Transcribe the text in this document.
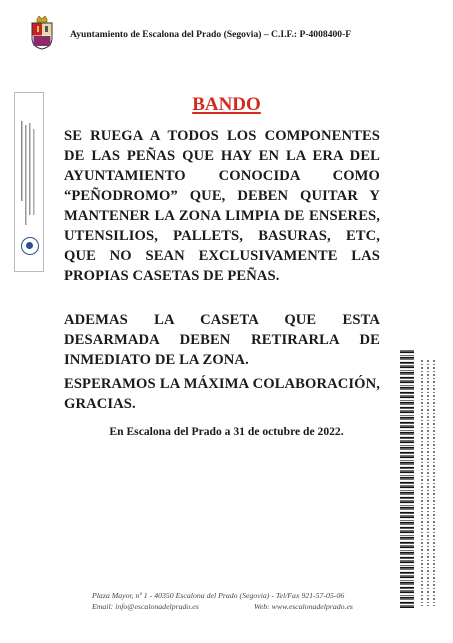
Ayuntamiento de Escalona del Prado (Segovia) – C.I.F.: P-4008400-F
BANDO
SE RUEGA A TODOS LOS COMPONENTES DE LAS PEÑAS QUE HAY EN LA ERA DEL AYUNTAMIENTO CONOCIDA COMO “PEÑODROMO” QUE, DEBEN QUITAR Y MANTENER LA ZONA LIMPIA DE ENSERES, UTENSILIOS, PALLETS, BASURAS, ETC, QUE NO SEAN EXCLUSIVAMENTE LAS PROPIAS CASETAS DE PEÑAS.
ADEMAS LA CASETA QUE ESTA DESARMADA DEBEN RETIRARLA DE INMEDIATO DE LA ZONA.
ESPERAMOS LA MÁXIMA COLABORACIÓN, GRACIAS.
En Escalona del Prado a 31 de octubre de 2022.
Plaza Mayor, nº 1 - 40350 Escalona del Prado (Segovia) - Tel/Fax 921-57-05-06
Email: info@escalonadelprado.es	Web: www.escalonadelprado.es
